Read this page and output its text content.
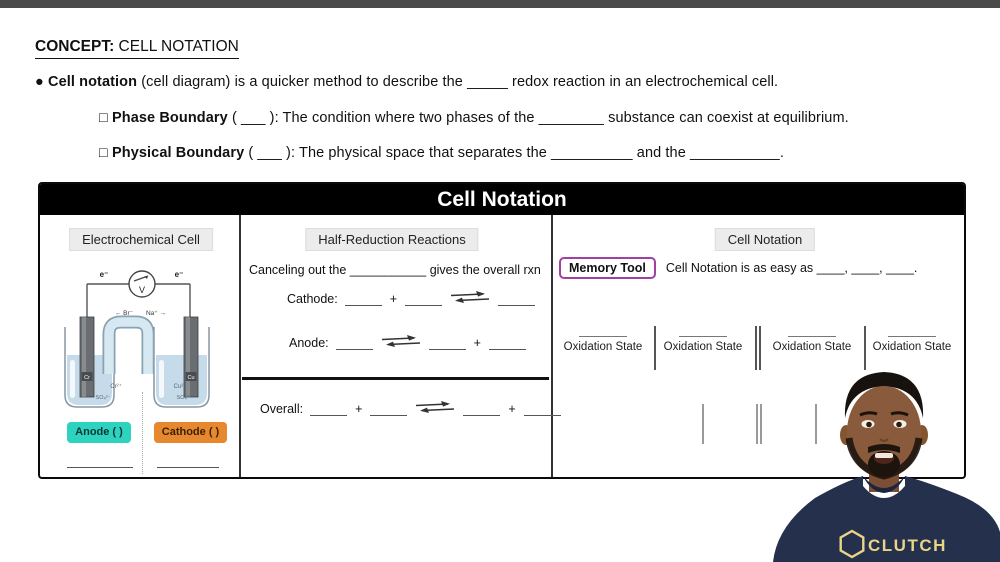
CONCEPT: CELL NOTATION
● Cell notation (cell diagram) is a quicker method to describe the _____ redox reaction in an electrochemical cell.
□ Phase Boundary ( ___ ): The condition where two phases of the ________ substance can coexist at equilibrium.
□ Physical Boundary ( ___ ): The physical space that separates the __________ and the ___________.
Cell Notation
Electrochemical Cell
V
e⁻	e⁻
← Br⁻ Na⁺ →
Cr	Cu
Cr²⁺
SO₄²⁻
Cu²⁺
SO₄²⁻
Anode ( )	Cathode ( )
Half-Reduction Reactions
Canceling out the ___________ gives the overall rxn
Cathode:	+
Anode:	+
Overall:	+	+
Cell Notation
Memory Tool	Cell Notation is as easy as ____, ____, ____.
Oxidation State	Oxidation State	Oxidation State	Oxidation State
CLUTCH
